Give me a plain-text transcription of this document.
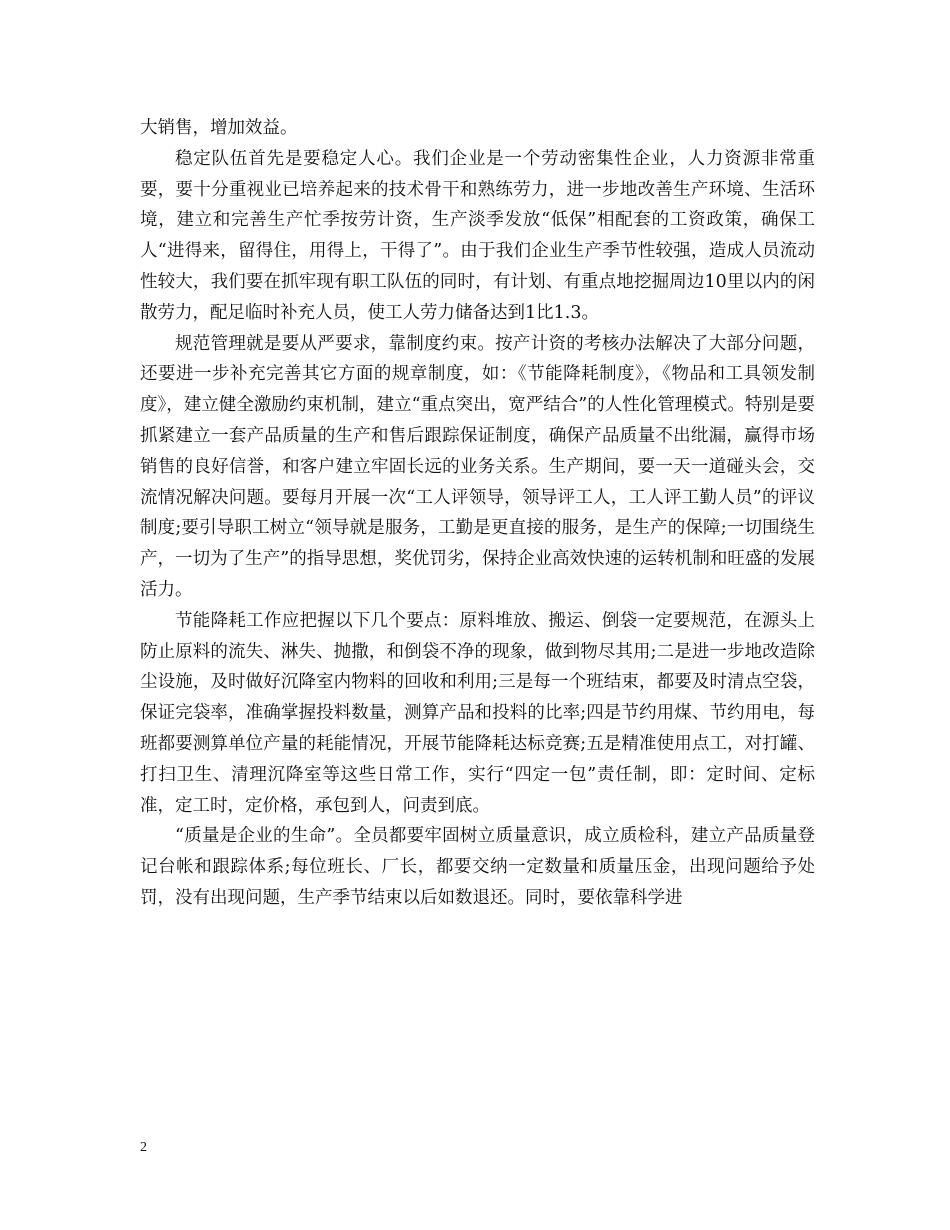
大销售，增加效益。

稳定队伍首先是要稳定人心。我们企业是一个劳动密集性企业，人力资源非常重要，要十分重视业已培养起来的技术骨干和熟练劳力，进一步地改善生产环境、生活环境，建立和完善生产忙季按劳计资，生产淡季发放“低保”相配套的工资政策，确保工人“进得来，留得住，用得上，干得了”。由于我们企业生产季节性较强，造成人员流动性较大，我们要在抓牢现有职工队伍的同时，有计划、有重点地挖掘周边10里以内的闲散劳力，配足临时补充人员，使工人劳力储备达到1比1.3。

规范管理就是要从严要求，靠制度约束。按产计资的考核办法解决了大部分问题，还要进一步补充完善其它方面的规章制度，如：《节能降耗制度》，《物品和工具领发制度》，建立健全激励约束机制，建立“重点突出，宽严结合”的人性化管理模式。特别是要抓紧建立一套产品质量的生产和售后跟踪保证制度，确保产品质量不出纰漏，赢得市场销售的良好信誉，和客户建立牢固长远的业务关系。生产期间，要一天一道碰头会，交流情况解决问题。要每月开展一次“工人评领导，领导评工人，工人评工勤人员”的评议制度;要引导职工树立“领导就是服务，工勤是更直接的服务，是生产的保障;一切围绕生产，一切为了生产”的指导思想，奖优罚劣，保持企业高效快速的运转机制和旺盛的发展活力。

节能降耗工作应把握以下几个要点：原料堆放、搬运、倒袋一定要规范，在源头上防止原料的流失、淋失、抛撒，和倒袋不净的现象，做到物尽其用;二是进一步地改造除尘设施，及时做好沉降室内物料的回收和利用;三是每一个班结束，都要及时清点空袋，保证完袋率，准确掌握投料数量，测算产品和投料的比率;四是节约用煤、节约用电，每班都要测算单位产量的耗能情况，开展节能降耗达标竞赛;五是精准使用点工，对打罐、打扫卫生、清理沉降室等这些日常工作，实行“四定一包”责任制，即：定时间、定标准，定工时，定价格，承包到人，问责到底。

“质量是企业的生命”。全员都要牢固树立质量意识，成立质检科，建立产品质量登记台帐和跟踪体系;每位班长、厂长，都要交纳一定数量和质量压金，出现问题给予处罚，没有出现问题，生产季节结束以后如数退还。同时，要依靠科学进

2
